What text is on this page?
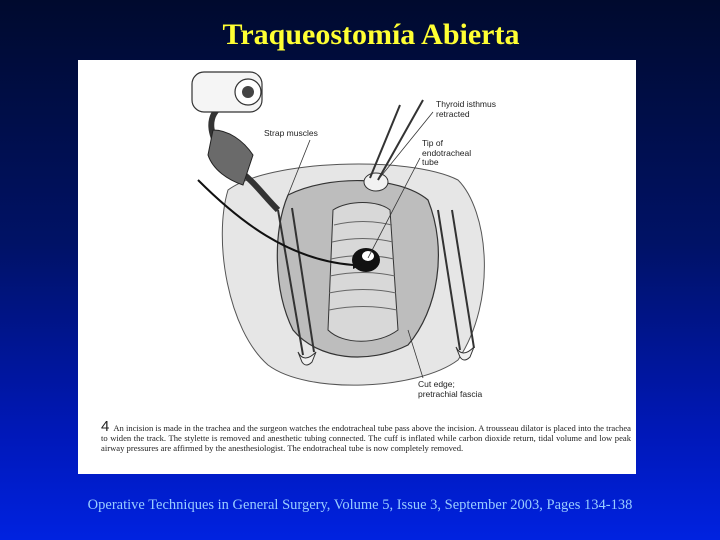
Traqueostomía Abierta
Thyroid isthmus
retracted
Strap muscles
Tip of
endotracheal
tube
Cut edge;
pretrachial fascia
4 An incision is made in the trachea and the surgeon watches the endotracheal tube pass above the incision. A trousseau dilator is placed into the trachea to widen the track. The stylette is removed and anesthetic tubing connected. The cuff is inflated while carbon dioxide return, tidal volume and low peak airway pressures are affirmed by the anesthesiologist. The endotracheal tube is now completely removed.
Operative Techniques in General Surgery, Volume 5, Issue 3, September 2003, Pages 134-138
